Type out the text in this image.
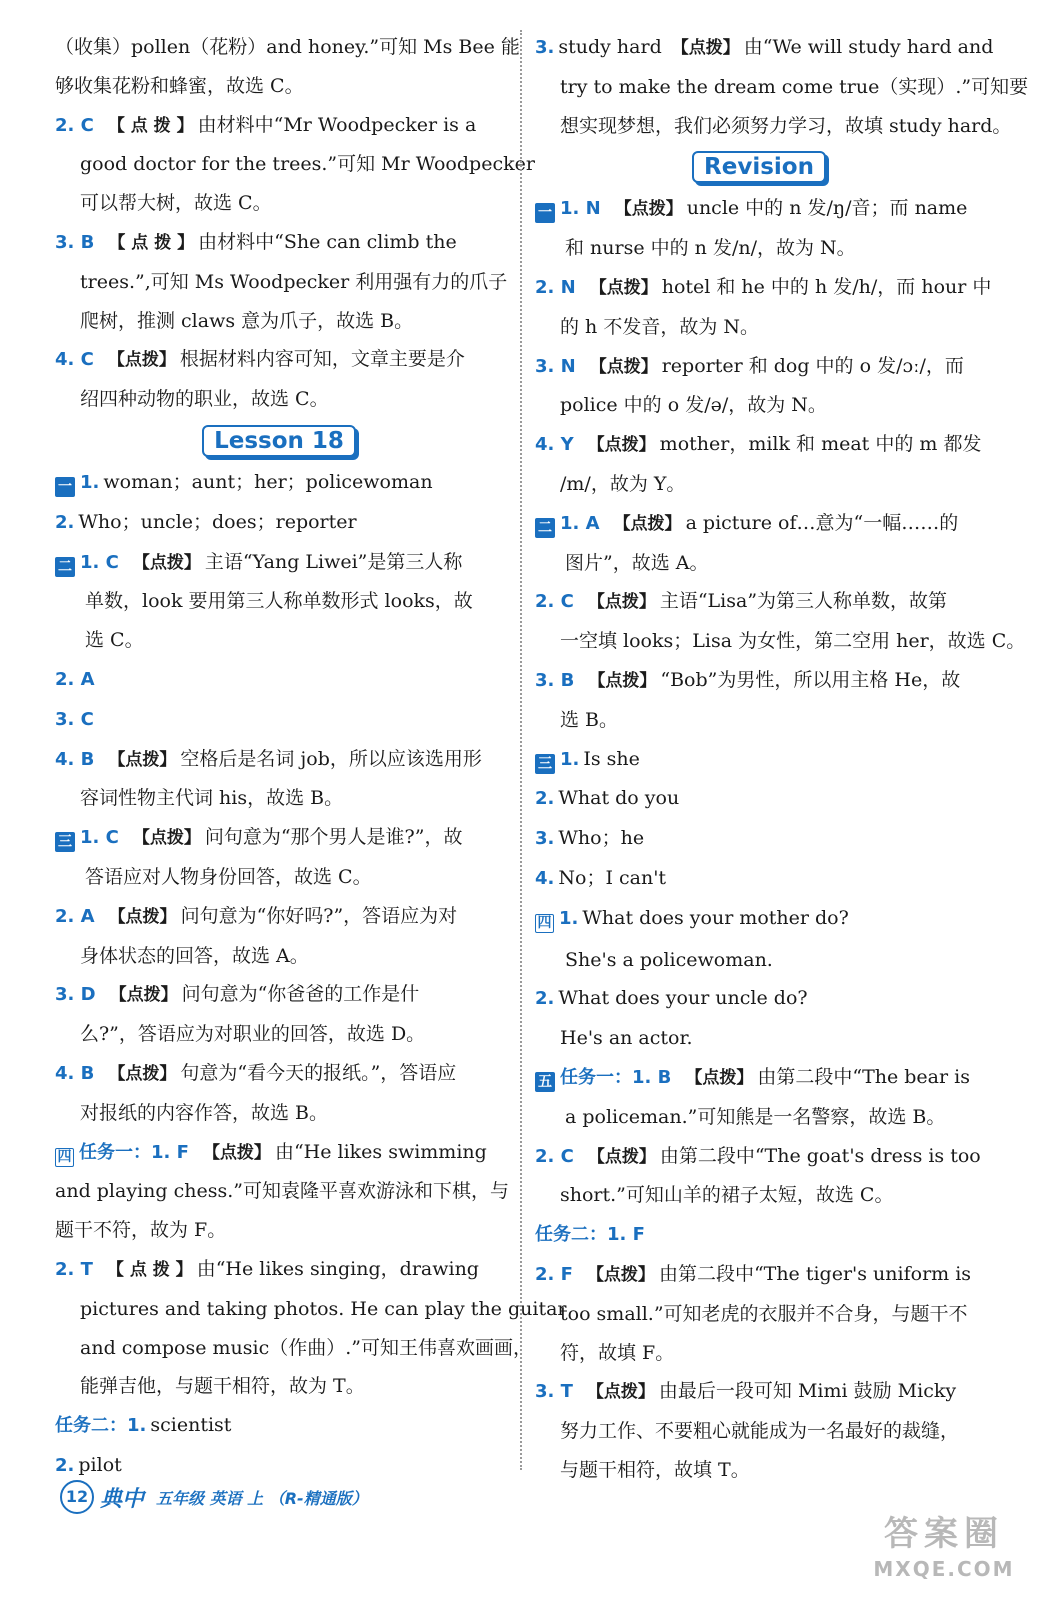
（收集）pollen（花粉）and honey.”可知 Ms Bee 能
够收集花粉和蜂蜜，故选 C。
2. C 【 点 拨 】 由材料中“Mr Woodpecker is a
good doctor for the trees.”可知 Mr Woodpecker
可以帮大树，故选 C。
3. B 【 点 拨 】 由材料中“She can climb the
trees.”,可知 Ms Woodpecker 利用强有力的爪子
爬树，推测 claws 意为爪子，故选 B。
4. C 【点拨】 根据材料内容可知，文章主要是介
绍四种动物的职业，故选 C。
Lesson 18
一 1. woman；aunt；her；policewoman
2. Who；uncle；does；reporter
二 1. C 【点拨】 主语“Yang Liwei”是第三人称
单数，look 要用第三人称单数形式 looks，故
选 C。
2. A
3. C
4. B 【点拨】 空格后是名词 job，所以应该选用形
容词性物主代词 his，故选 B。
三 1. C 【点拨】 问句意为“那个男人是谁?”，故
答语应对人物身份回答，故选 C。
2. A 【点拨】 问句意为“你好吗?”，答语应为对
身体状态的回答，故选 A。
3. D 【点拨】 问句意为“你爸爸的工作是什
么?”，答语应为对职业的回答，故选 D。
4. B 【点拨】 句意为“看今天的报纸。”，答语应
对报纸的内容作答，故选 B。
四 任务一：1. F 【点拨】 由“He likes swimming
and playing chess.”可知袁隆平喜欢游泳和下棋，与
题干不符，故为 F。
2. T 【 点 拨 】 由“He likes singing，drawing
pictures and taking photos. He can play the guitar
and compose music（作曲）.”可知王伟喜欢画画，
能弹吉他，与题干相符，故为 T。
任务二：1. scientist
2. pilot
3. study hard 【点拨】 由“We will study hard and
try to make the dream come true（实现）.”可知要
想实现梦想，我们必须努力学习，故填 study hard。
Revision
一 1. N 【点拨】 uncle 中的 n 发/ŋ/音；而 name
和 nurse 中的 n 发/n/，故为 N。
2. N 【点拨】 hotel 和 he 中的 h 发/h/，而 hour 中
的 h 不发音，故为 N。
3. N 【点拨】 reporter 和 dog 中的 o 发/ɔː/，而
police 中的 o 发/ə/，故为 N。
4. Y 【点拨】 mother，milk 和 meat 中的 m 都发
/m/，故为 Y。
二 1. A 【点拨】 a picture of…意为“一幅……的
图片”，故选 A。
2. C 【点拨】 主语“Lisa”为第三人称单数，故第
一空填 looks；Lisa 为女性，第二空用 her，故选 C。
3. B 【点拨】 “Bob”为男性，所以用主格 He，故
选 B。
三 1. Is she
2. What do you
3. Who；he
4. No；I can't
四 1. What does your mother do?
She's a policewoman.
2. What does your uncle do?
He's an actor.
五 任务一：1. B 【点拨】 由第二段中“The bear is
a policeman.”可知熊是一名警察，故选 B。
2. C 【点拨】 由第二段中“The goat's dress is too
short.”可知山羊的裙子太短，故选 C。
任务二：1. F
2. F 【点拨】 由第二段中“The tiger's uniform is
too small.”可知老虎的衣服并不合身，与题干不
符，故填 F。
3. T 【点拨】 由最后一段可知 Mimi 鼓励 Micky
努力工作、不要粗心就能成为一名最好的裁缝，
与题干相符，故填 T。
12 典中 五年级 英语 上 （R-精通版）
答案圈
MXQE.COM
